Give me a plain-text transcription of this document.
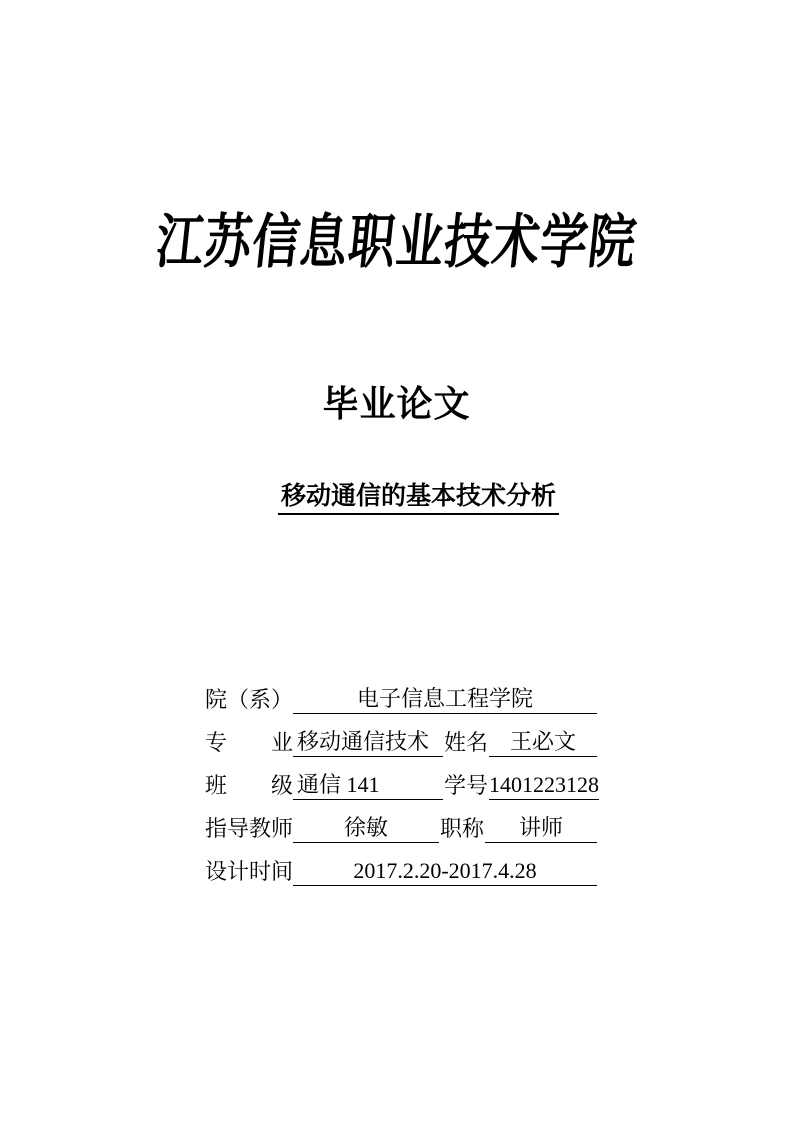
江苏信息职业技术学院
毕业论文
移动通信的基本技术分析
院（系）	电子信息工程学院
专　　业 移动通信技术 姓名 王必文
班　　级 通信 141	学号 1401223128
指导教师	徐敏	职称	讲师
设计时间	2017.2.20-2017.4.28
